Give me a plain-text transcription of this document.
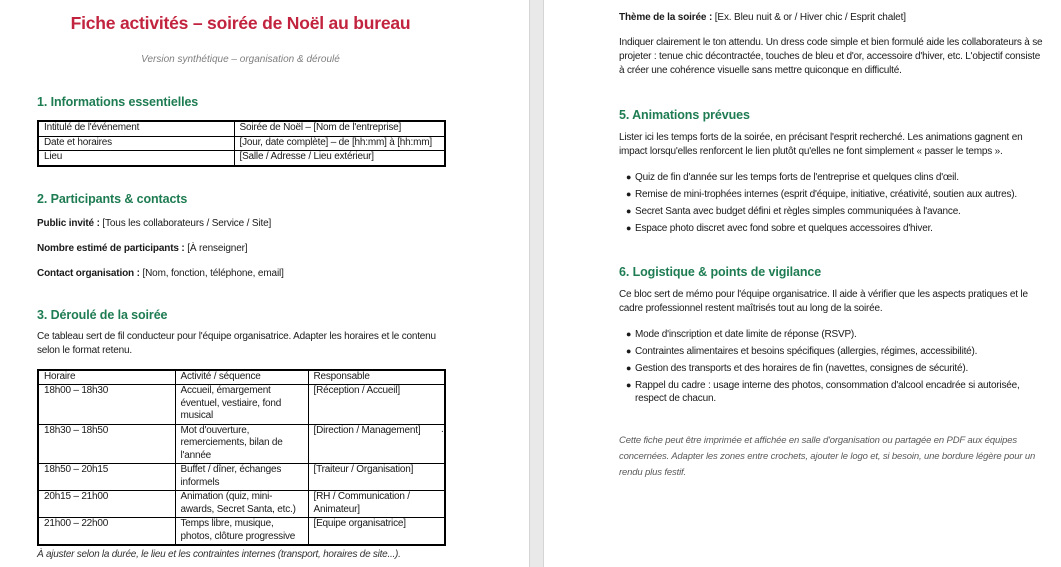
Fiche activités – soirée de Noël au bureau
Version synthétique – organisation & déroulé
1. Informations essentielles
Intitulé de l'événement	Soirée de Noël – [Nom de l'entreprise]
Date et horaires	[Jour, date complète] – de [hh:mm] à [hh:mm]
Lieu	[Salle / Adresse / Lieu extérieur]
2. Participants & contacts

Public invité : [Tous les collaborateurs / Service / Site]

Nombre estimé de participants : [À renseigner]

Contact organisation : [Nom, fonction, téléphone, email]

3. Déroulé de la soirée

Ce tableau sert de fil conducteur pour l'équipe organisatrice. Adapter les horaires et le contenu selon le format retenu.

Horaire	Activité / séquence	Responsable
18h00 – 18h30	Accueil, émargement éventuel, vestiaire, fond musical	[Réception / Accueil]
18h30 – 18h50	Mot d'ouverture, remerciements, bilan de l'année	[Direction / Management]
18h50 – 20h15	Buffet / dîner, échanges informels	[Traiteur / Organisation]
20h15 – 21h00	Animation (quiz, mini-awards, Secret Santa, etc.)	[RH / Communication / Animateur]
21h00 – 22h00	Temps libre, musique, photos, clôture progressive	[Equipe organisatrice]

À ajuster selon la durée, le lieu et les contraintes internes (transport, horaires de site...).

.

Thème de la soirée : [Ex. Bleu nuit & or / Hiver chic / Esprit chalet]

Indiquer clairement le ton attendu. Un dress code simple et bien formulé aide les collaborateurs à se projeter : tenue chic décontractée, touches de bleu et d'or, accessoire d'hiver, etc. L'objectif consiste à créer une cohérence visuelle sans mettre quiconque en difficulté.

5. Animations prévues

Lister ici les temps forts de la soirée, en précisant l'esprit recherché. Les animations gagnent en impact lorsqu'elles renforcent le lien plutôt qu'elles ne font simplement « passer le temps ».

● Quiz de fin d'année sur les temps forts de l'entreprise et quelques clins d'œil.
● Remise de mini-trophées internes (esprit d'équipe, initiative, créativité, soutien aux autres).
● Secret Santa avec budget défini et règles simples communiquées à l'avance.
● Espace photo discret avec fond sobre et quelques accessoires d'hiver.
6. Logistique & points de vigilance

Ce bloc sert de mémo pour l'équipe organisatrice. Il aide à vérifier que les aspects pratiques et le cadre professionnel restent maîtrisés tout au long de la soirée.

● Mode d'inscription et date limite de réponse (RSVP).
● Contraintes alimentaires et besoins spécifiques (allergies, régimes, accessibilité).
● Gestion des transports et des horaires de fin (navettes, consignes de sécurité).
● Rappel du cadre : usage interne des photos, consommation d'alcool encadrée si autorisée, respect de chacun.

Cette fiche peut être imprimée et affichée en salle d'organisation ou partagée en PDF aux équipes concernées. Adapter les zones entre crochets, ajouter le logo et, si besoin, une bordure légère pour un rendu plus festif.
